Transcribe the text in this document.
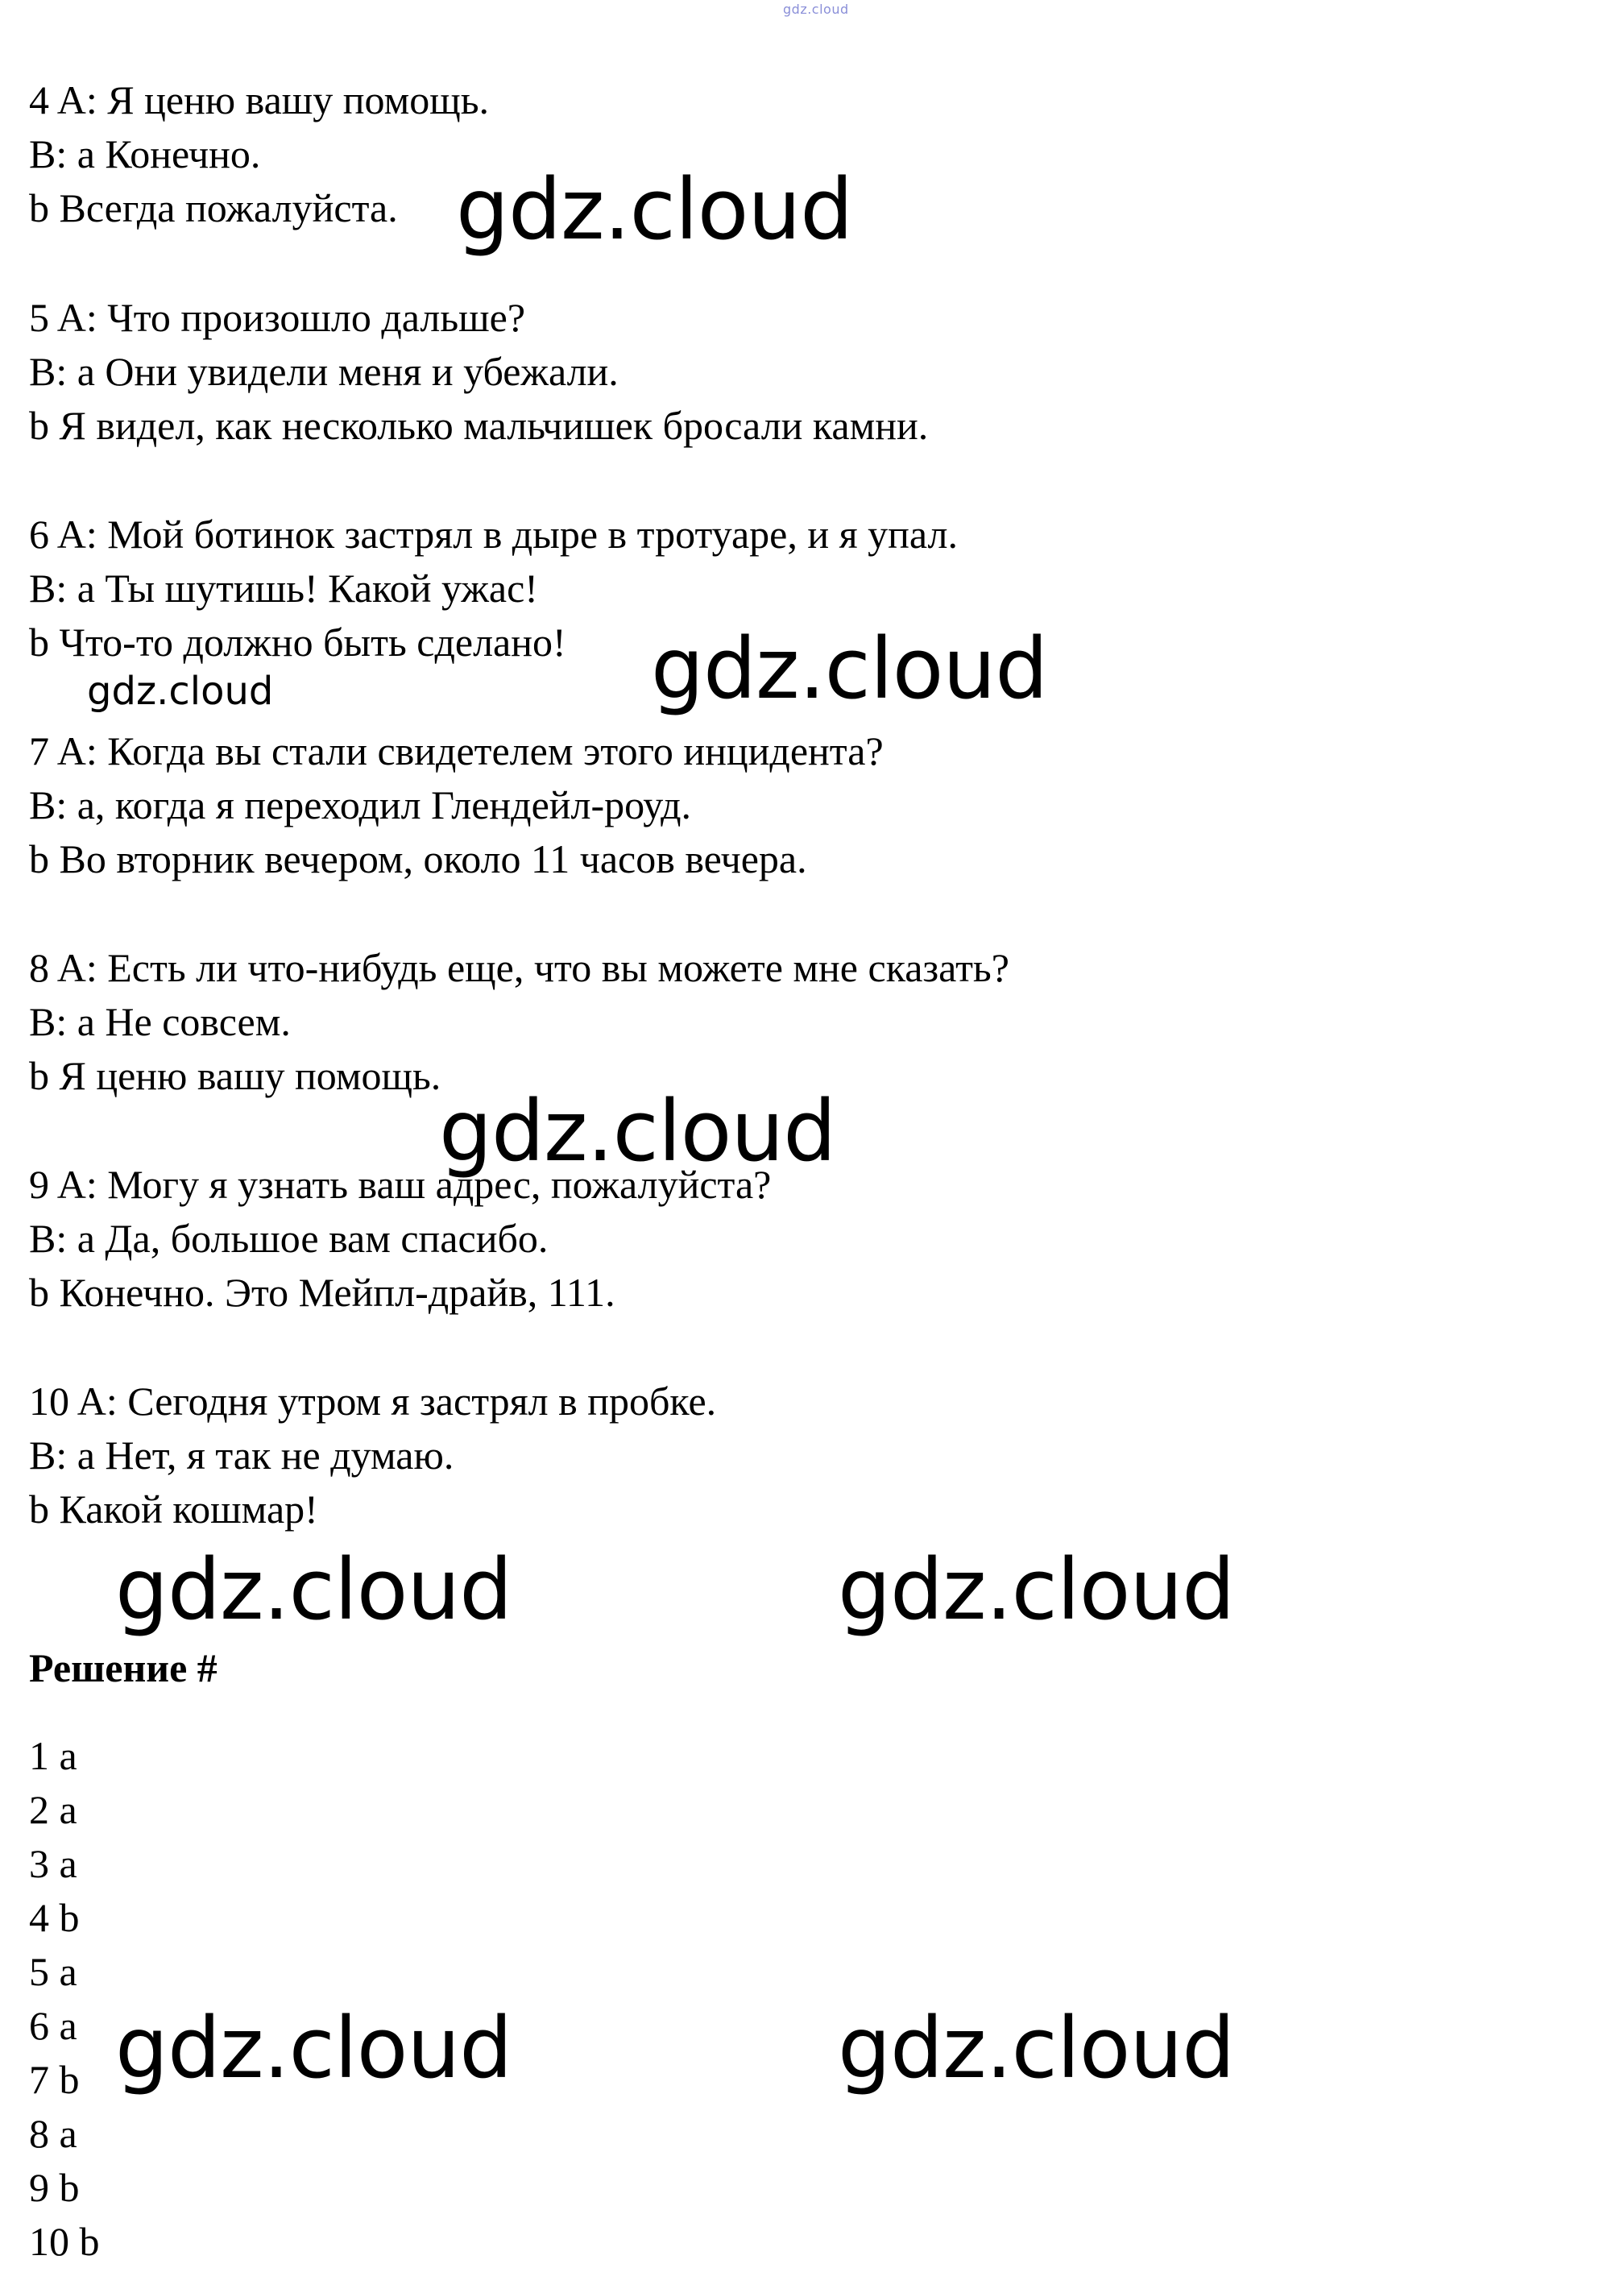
gdz.cloud
4 A: Я ценю вашу помощь.
B: a Конечно.
b Всегда пожалуйста.
5 A: Что произошло дальше?
B: a Они увидели меня и убежали.
b Я видел, как несколько мальчишек бросали камни.
6 A: Мой ботинок застрял в дыре в тротуаре, и я упал.
B: a Ты шутишь! Какой ужас!
b Что-то должно быть сделано!
7 A: Когда вы стали свидетелем этого инцидента?
B: а, когда я переходил Глендейл-роуд.
b Во вторник вечером, около 11 часов вечера.
8 A: Есть ли что-нибудь еще, что вы можете мне сказать?
B: a Не совсем.
b Я ценю вашу помощь.
9 A: Могу я узнать ваш адрес, пожалуйста?
B: a Да, большое вам спасибо.
b Конечно. Это Мейпл-драйв, 111.
10 A: Сегодня утром я застрял в пробке.
B: a Нет, я так не думаю.
b Какой кошмар!
Решение #
1 a
2 a
3 a
4 b
5 a
6 a
7 b
8 a
9 b
10 b
gdz.cloud
gdz.cloud
gdz.cloud
gdz.cloud
gdz.cloud	gdz.cloud
gdz.cloud	gdz.cloud
